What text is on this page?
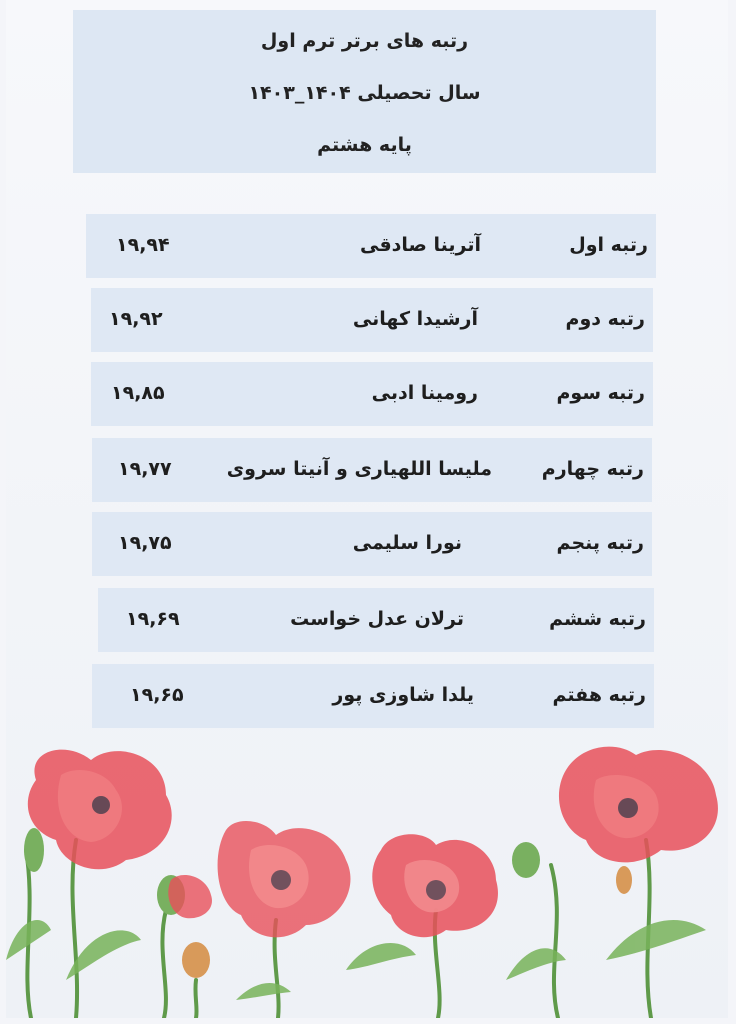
رتبه های برتر ترم اول
سال تحصیلی ۱۴۰۴_۱۴۰۳
پایه هشتم
رتبه اول
آترینا صادقی
۱۹,۹۴
رتبه دوم
آرشیدا کهانی
۱۹,۹۲
رتبه سوم
رومینا ادبی
۱۹,۸۵
رتبه چهارم
ملیسا اللهیاری و آنیتا سروی
۱۹,۷۷
رتبه پنجم
نورا سلیمی
۱۹,۷۵
رتبه ششم
ترلان عدل خواست
۱۹,۶۹
رتبه هفتم
یلدا شاوزی پور
۱۹,۶۵
